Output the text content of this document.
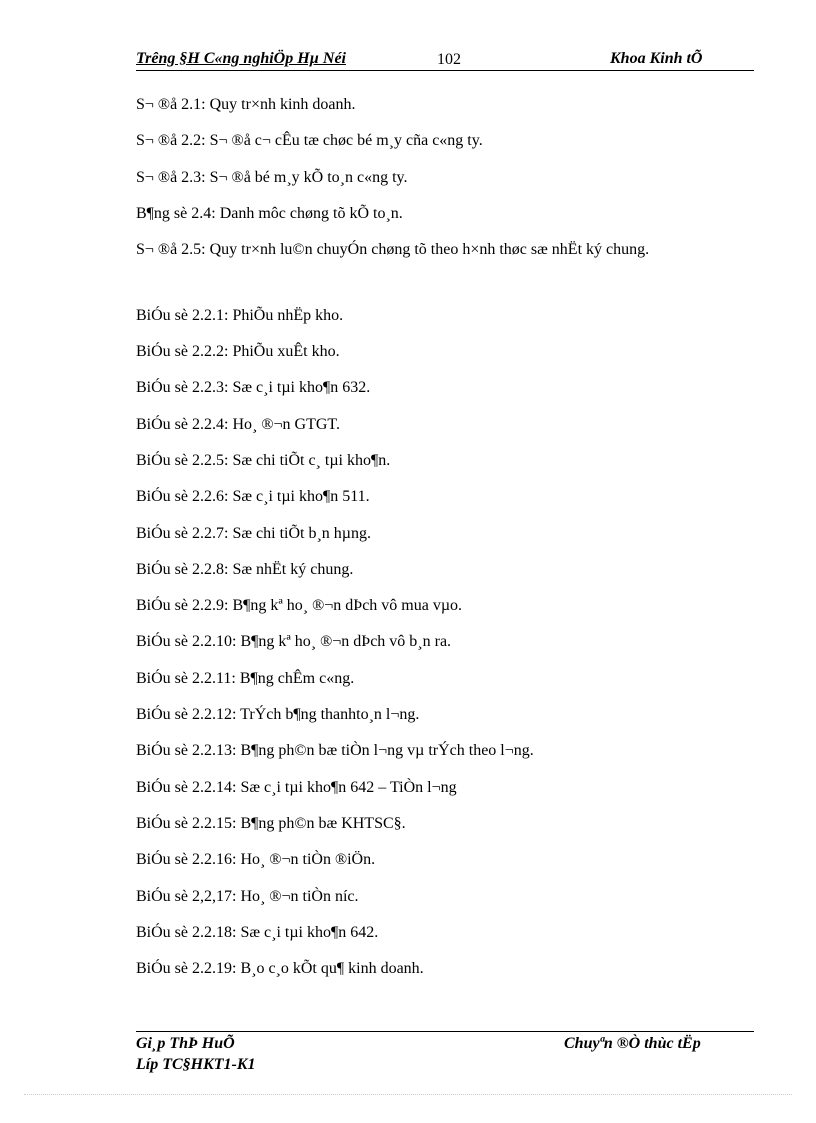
Trêng §H C«ng nghiÖp Hµ Néi	102	Khoa Kinh tÕ
S¬ ®å 2.1: Quy tr×nh kinh doanh.
S¬ ®å 2.2: S¬ ®å c¬ cÊu tæ chøc bé m¸y cña c«ng ty.
S¬ ®å 2.3: S¬ ®å bé m¸y kÕ to¸n c«ng ty.
B¶ng sè 2.4: Danh môc chøng tõ kÕ to¸n.
S¬ ®å 2.5: Quy tr×nh lu©n chuyÓn chøng tõ theo h×nh thøc sæ nhËt ký chung.
BiÓu sè 2.2.1: PhiÕu nhËp kho.
BiÓu sè 2.2.2: PhiÕu xuÊt kho.
BiÓu sè 2.2.3: Sæ c¸i tµi kho¶n 632.
BiÓu sè 2.2.4: Ho¸ ®¬n GTGT.
BiÓu sè 2.2.5: Sæ chi tiÕt c¸ tµi kho¶n.
BiÓu sè 2.2.6: Sæ c¸i tµi kho¶n 511.
BiÓu sè 2.2.7: Sæ chi tiÕt b¸n hµng.
BiÓu sè 2.2.8: Sæ nhËt ký chung.
BiÓu sè 2.2.9: B¶ng kª ho¸ ®¬n dÞch vô mua vµo.
BiÓu sè 2.2.10: B¶ng kª ho¸ ®¬n dÞch vô b¸n ra.
BiÓu sè 2.2.11: B¶ng chÊm c«ng.
BiÓu sè 2.2.12: TrÝch b¶ng thanhto¸n l¬ng.
BiÓu sè 2.2.13: B¶ng ph©n bæ tiÒn l¬ng vµ trÝch theo l¬ng.
BiÓu sè 2.2.14: Sæ c¸i tµi kho¶n 642 – TiÒn l¬ng
BiÓu sè 2.2.15: B¶ng ph©n bæ KHTSC§.
BiÓu sè 2.2.16: Ho¸ ®¬n tiÒn ®iÖn.
BiÓu sè 2,2,17: Ho¸ ®¬n tiÒn níc.
BiÓu sè 2.2.18: Sæ c¸i tµi kho¶n 642.
BiÓu sè 2.2.19: B¸o c¸o kÕt qu¶ kinh doanh.
Gi¸p ThÞ HuÕ
Líp TC§HKT1-K1
Chuyªn ®Ò thùc tËp
